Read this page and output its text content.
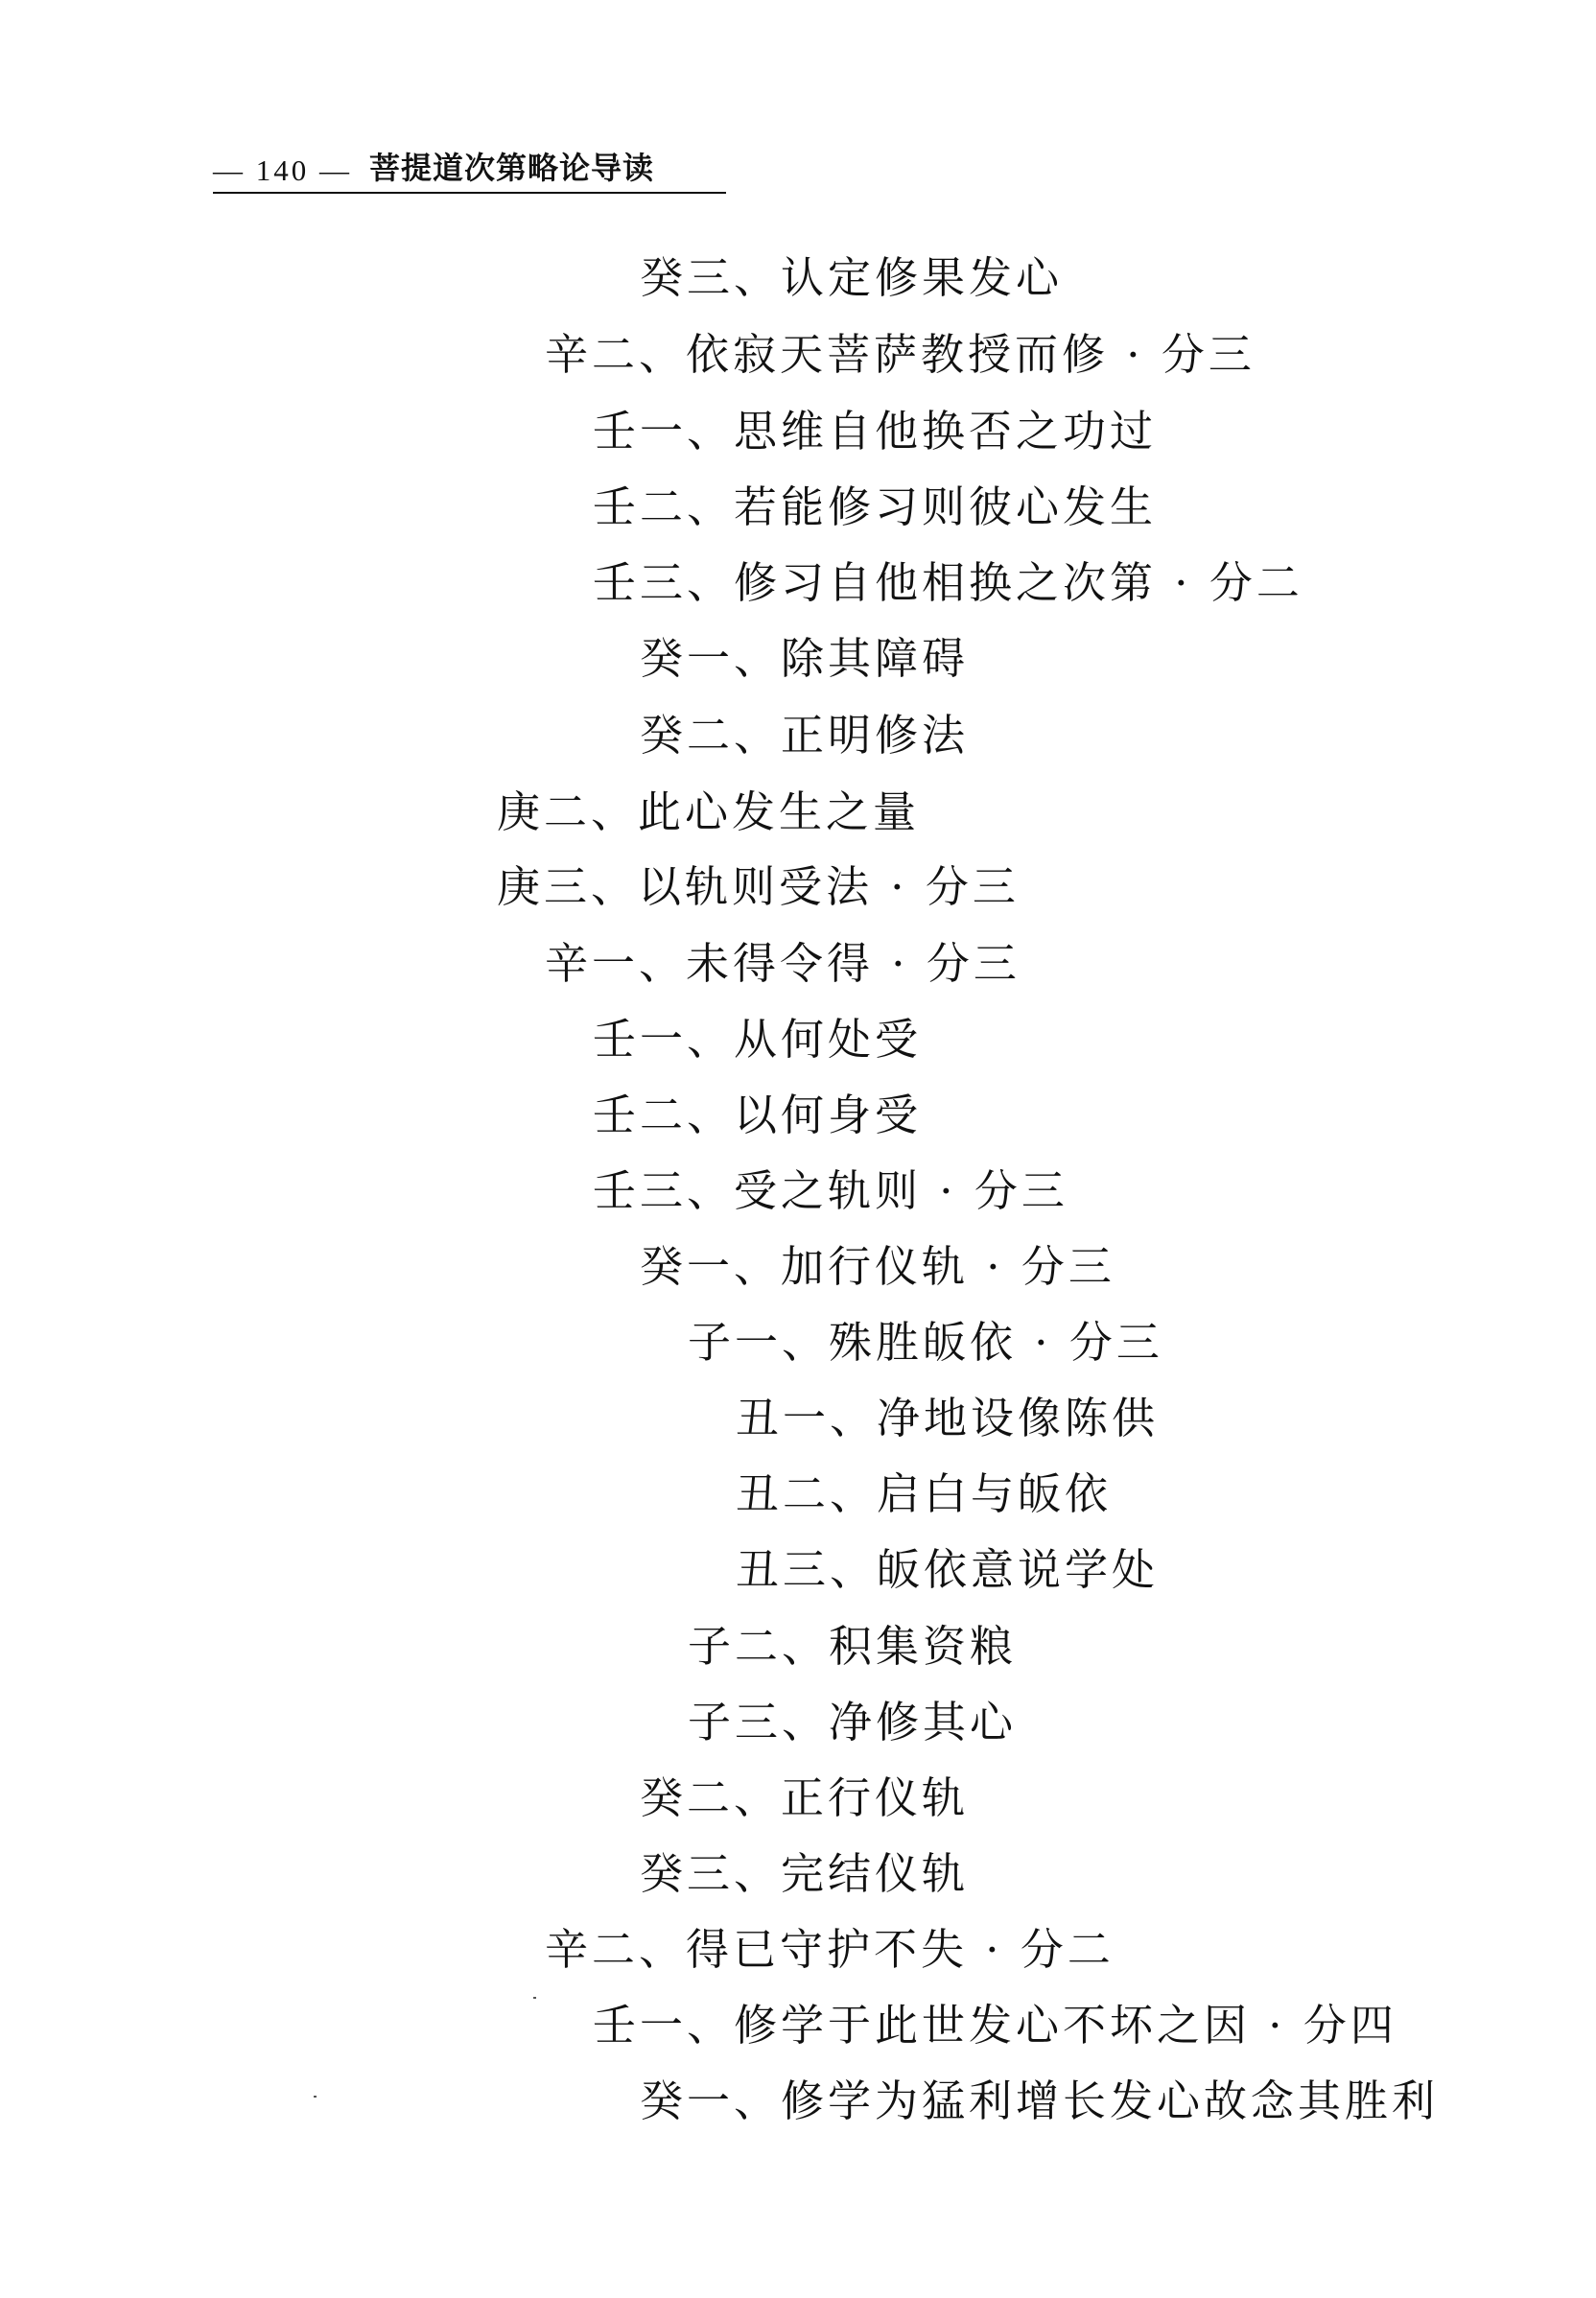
— 140 — 菩提道次第略论导读
癸三、认定修果发心
辛二、依寂天菩萨教授而修 · 分三
壬一、思维自他换否之功过
壬二、若能修习则彼心发生
壬三、修习自他相换之次第 · 分二
癸一、除其障碍
癸二、正明修法
庚二、此心发生之量
庚三、以轨则受法 · 分三
辛一、未得令得 · 分三
壬一、从何处受
壬二、以何身受
壬三、受之轨则 · 分三
癸一、加行仪轨 · 分三
子一、殊胜皈依 · 分三
丑一、净地设像陈供
丑二、启白与皈依
丑三、皈依意说学处
子二、积集资粮
子三、净修其心
癸二、正行仪轨
癸三、完结仪轨
辛二、得已守护不失 · 分二
壬一、修学于此世发心不坏之因 · 分四
癸一、修学为猛利增长发心故念其胜利
